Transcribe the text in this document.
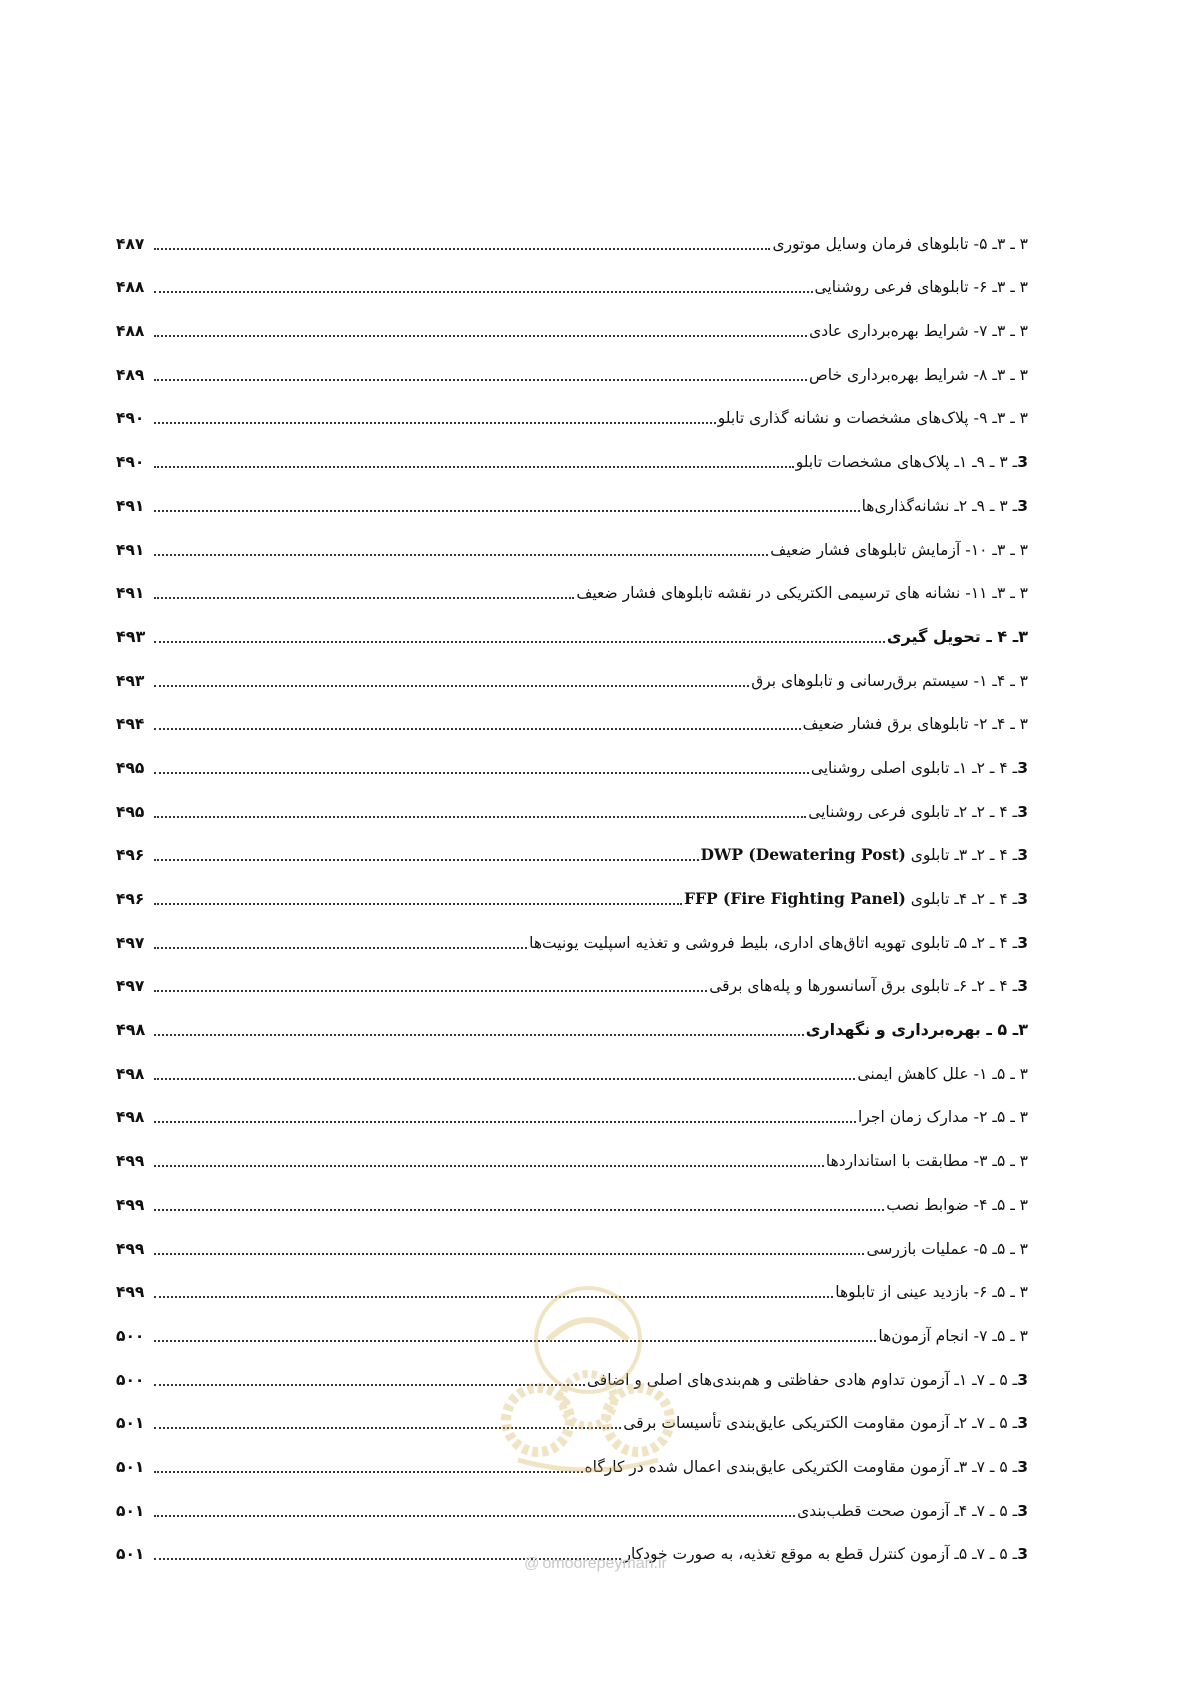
۳ ـ ۳ـ ۵- تابلوهای فرمان وسایل موتوری
۴۸۷
۳ ـ ۳ـ ۶- تابلوهای فرعی روشنایی
۴۸۸
۳ ـ ۳ـ ۷- شرایط بهره‌برداری عادی
۴۸۸
۳ ـ ۳ـ ۸- شرایط بهره‌برداری خاص
۴۸۹
۳ ـ ۳ـ ۹- پلاک‌های مشخصات و نشانه گذاری تابلو
۴۹۰
3ـ ۳ ـ ۹ـ ۱ـ پلاک‌های مشخصات تابلو
۴۹۰
3ـ ۳ ـ ۹ـ ۲ـ نشانه‌گذاری‌ها
۴۹۱
۳ ـ ۳ـ ۱۰- آزمایش تابلوهای فشار ضعیف
۴۹۱
۳ ـ ۳ـ ۱۱- نشانه های ترسیمی الکتریکی در نقشه تابلوهای فشار ضعیف
۴۹۱
۳ـ ۴ ـ تحویل گیری
۴۹۳
۳ ـ ۴ـ ۱- سیستم برق‌رسانی و تابلوهای برق
۴۹۳
۳ ـ ۴ـ ۲- تابلوهای برق فشار ضعیف
۴۹۴
3ـ ۴ ـ ۲ـ ۱ـ تابلوی اصلی روشنایی
۴۹۵
3ـ ۴ ـ ۲ـ ۲ـ تابلوی فرعی روشنایی
۴۹۵
3ـ ۴ ـ ۲ـ ۳ـ تابلوی DWP (Dewatering Post)
۴۹۶
3ـ ۴ ـ ۲ـ ۴ـ تابلوی FFP (Fire Fighting Panel)
۴۹۶
3ـ ۴ ـ ۲ـ ۵ـ تابلوی تهویه اتاق‌های اداری، بلیط فروشی و تغذیه اسپلیت یونیت‌ها
۴۹۷
3ـ ۴ ـ ۲ـ ۶ـ تابلوی برق آسانسورها و پله‌های برقی
۴۹۷
۳ـ ۵ ـ بهره‌برداری و نگهداری
۴۹۸
۳ ـ ۵ـ ۱- علل کاهش ایمنی
۴۹۸
۳ ـ ۵ـ ۲- مدارک زمان اجرا
۴۹۸
۳ ـ ۵ـ ۳- مطابقت با استانداردها
۴۹۹
۳ ـ ۵ـ ۴- ضوابط نصب
۴۹۹
۳ ـ ۵ـ ۵- عملیات بازرسی
۴۹۹
۳ ـ ۵ـ ۶- بازدید عینی از تابلوها
۴۹۹
۳ ـ ۵ـ ۷- انجام آزمون‌ها
۵۰۰
3ـ ۵ ـ ۷ـ ۱ـ آزمون تداوم هادی حفاظتی و هم‌بندی‌های اصلی و اضافی
۵۰۰
3ـ ۵ ـ ۷ـ ۲ـ آزمون مقاومت الکتریکی عایق‌بندی تأسیسات برقی
۵۰۱
3ـ ۵ ـ ۷ـ ۳ـ آزمون مقاومت الکتریکی عایق‌بندی اعمال شده در کارگاه
۵۰۱
3ـ ۵ ـ ۷ـ ۴ـ آزمون صحت قطب‌بندی
۵۰۱
3ـ ۵ ـ ۷ـ ۵ـ آزمون کنترل قطع به موقع تغذیه، به صورت خودکار
۵۰۱
@ omoorepeyman.ir
